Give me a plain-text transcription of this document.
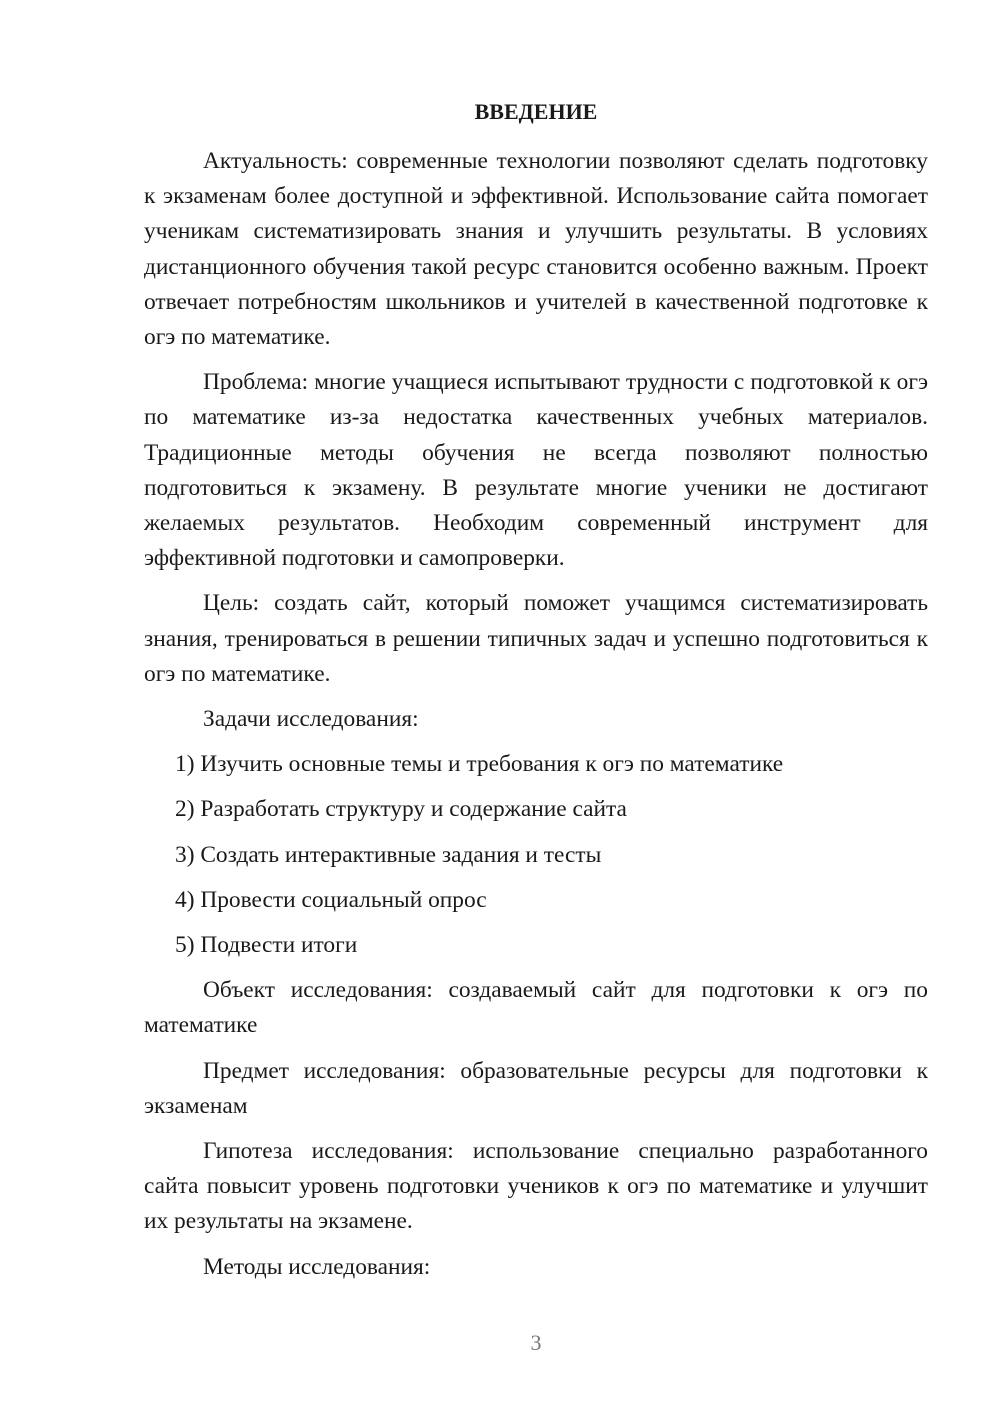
ВВЕДЕНИЕ

Актуальность: современные технологии позволяют сделать подготовку к экзаменам более доступной и эффективной. Использование сайта помогает ученикам систематизировать знания и улучшить результаты. В условиях дистанционного обучения такой ресурс становится особенно важным. Проект отвечает потребностям школьников и учителей в качественной подготовке к огэ по математике.

Проблема: многие учащиеся испытывают трудности с подготовкой к огэ по математике из-за недостатка качественных учебных материалов. Традиционные методы обучения не всегда позволяют полностью подготовиться к экзамену. В результате многие ученики не достигают желаемых результатов. Необходим современный инструмент для эффективной подготовки и самопроверки.

Цель: создать сайт, который поможет учащимся систематизировать знания, тренироваться в решении типичных задач и успешно подготовиться к огэ по математике.

Задачи исследования:

1) Изучить основные темы и требования к огэ по математике
2) Разработать структуру и содержание сайта
3) Создать интерактивные задания и тесты
4) Провести социальный опрос
5) Подвести итоги

Объект исследования: создаваемый сайт для подготовки к огэ по математике

Предмет исследования: образовательные ресурсы для подготовки к экзаменам

Гипотеза исследования: использование специально разработанного сайта повысит уровень подготовки учеников к огэ по математике и улучшит их результаты на экзамене.

Методы исследования:

3
